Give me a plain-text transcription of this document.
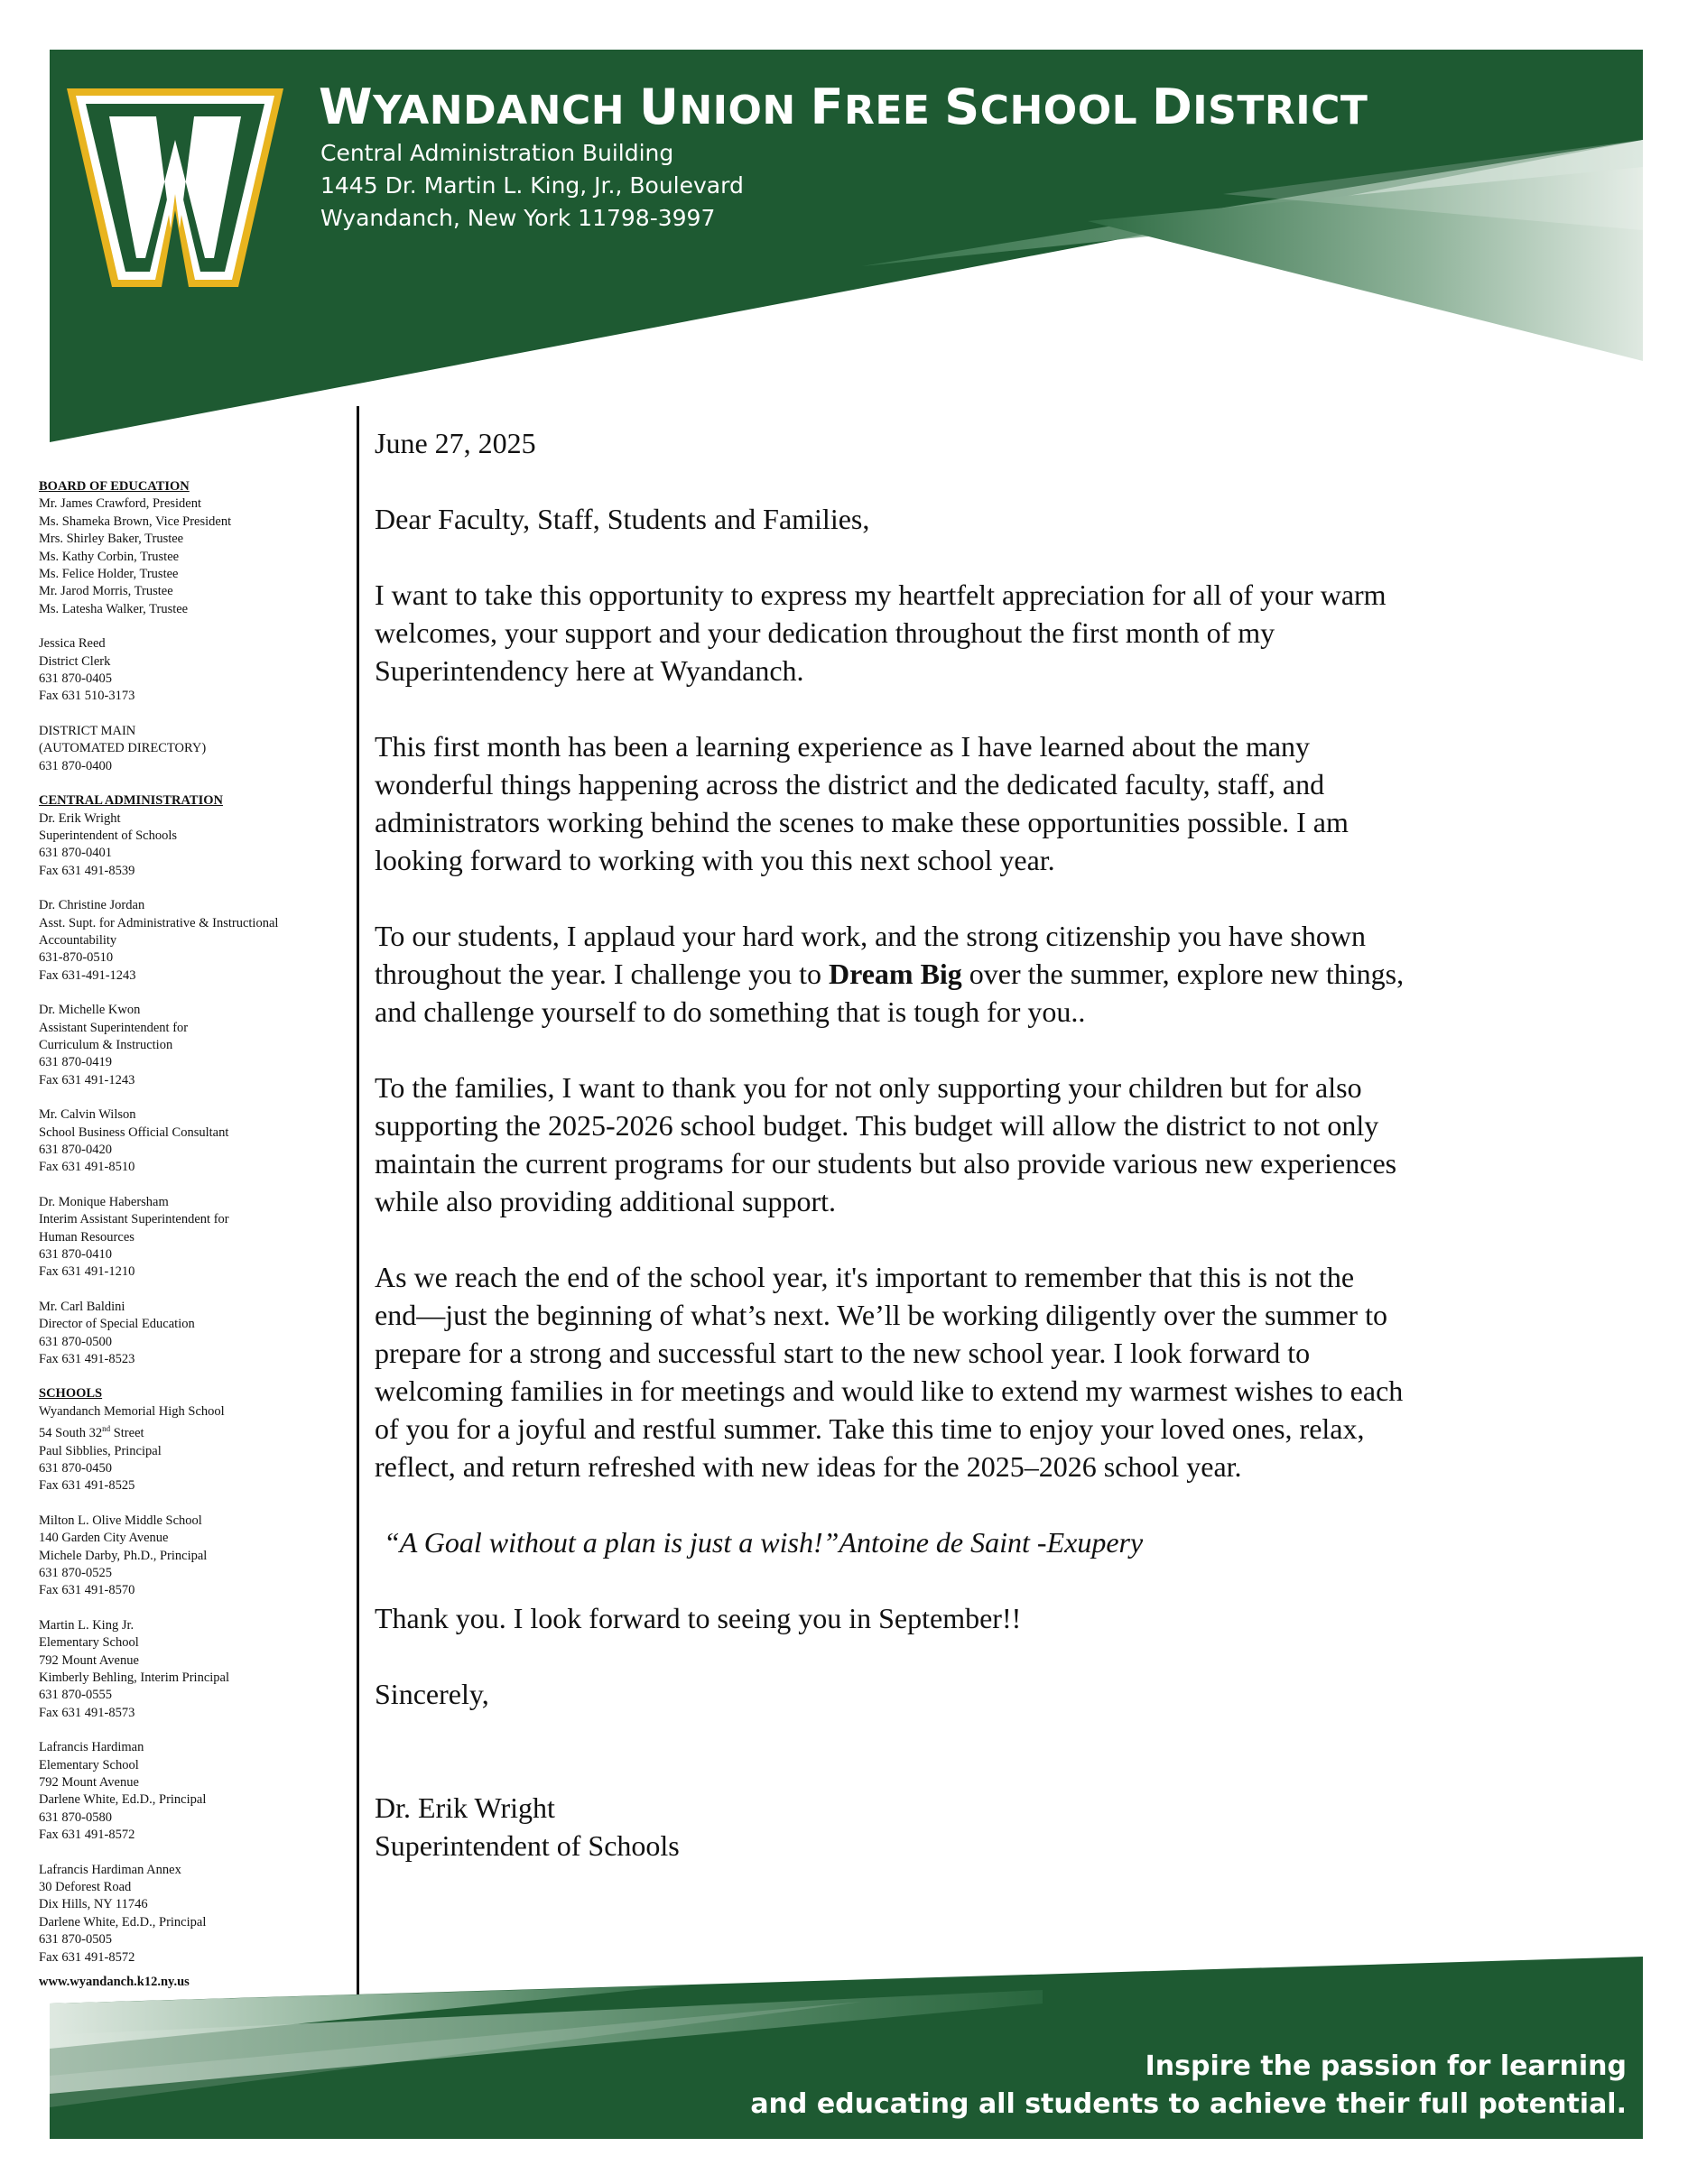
WYANDANCH UNION FREE SCHOOL DISTRICT
Central Administration Building
1445 Dr. Martin L. King, Jr., Boulevard
Wyandanch, New York 11798-3997
BOARD OF EDUCATION
Mr. James Crawford, President
Ms. Shameka Brown, Vice President
Mrs. Shirley Baker, Trustee
Ms. Kathy Corbin, Trustee
Ms. Felice Holder, Trustee
Mr. Jarod Morris, Trustee
Ms. Latesha Walker, Trustee
Jessica Reed
District Clerk
631 870-0405
Fax 631 510-3173
DISTRICT MAIN
(AUTOMATED DIRECTORY)
631 870-0400
CENTRAL ADMINISTRATION
Dr. Erik Wright
Superintendent of Schools
631 870-0401
Fax 631 491-8539
Dr. Christine Jordan
Asst. Supt. for Administrative & Instructional
Accountability
631-870-0510
Fax 631-491-1243
Dr. Michelle Kwon
Assistant Superintendent for
Curriculum & Instruction
631 870-0419
Fax 631 491-1243
Mr. Calvin Wilson
School Business Official Consultant
631 870-0420
Fax 631 491-8510
Dr. Monique Habersham
Interim Assistant Superintendent for
Human Resources
631 870-0410
Fax 631 491-1210
Mr. Carl Baldini
Director of Special Education
631 870-0500
Fax 631 491-8523
SCHOOLS
Wyandanch Memorial High School
54 South 32nd Street
Paul Sibblies, Principal
631 870-0450
Fax 631 491-8525
Milton L. Olive Middle School
140 Garden City Avenue
Michele Darby, Ph.D., Principal
631 870-0525
Fax 631 491-8570
Martin L. King Jr.
Elementary School
792 Mount Avenue
Kimberly Behling, Interim Principal
631 870-0555
Fax 631 491-8573
Lafrancis Hardiman
Elementary School
792 Mount Avenue
Darlene White, Ed.D., Principal
631 870-0580
Fax 631 491-8572
Lafrancis Hardiman Annex
30 Deforest Road
Dix Hills, NY 11746
Darlene White, Ed.D., Principal
631 870-0505
Fax 631 491-8572
www.wyandanch.k12.ny.us

June 27, 2025

Dear Faculty, Staff, Students and Families,

I want to take this opportunity to express my heartfelt appreciation for all of your warm
welcomes, your support and your dedication throughout the first month of my
Superintendency here at Wyandanch.
This first month has been a learning experience as I have learned about the many
wonderful things happening across the district and the dedicated faculty, staff, and
administrators working behind the scenes to make these opportunities possible. I am
looking forward to working with you this next school year.
To our students, I applaud your hard work, and the strong citizenship you have shown
throughout the year. I challenge you to Dream Big over the summer, explore new things,
and challenge yourself to do something that is tough for you..
To the families, I want to thank you for not only supporting your children but for also
supporting the 2025-2026 school budget. This budget will allow the district to not only
maintain the current programs for our students but also provide various new experiences
while also providing additional support.
As we reach the end of the school year, it's important to remember that this is not the
end—just the beginning of what’s next. We’ll be working diligently over the summer to
prepare for a strong and successful start to the new school year. I look forward to
welcoming families in for meetings and would like to extend my warmest wishes to each
of you for a joyful and restful summer. Take this time to enjoy your loved ones, relax,
reflect, and return refreshed with new ideas for the 2025–2026 school year.

“A Goal without a plan is just a wish!”Antoine de Saint -Exupery

Thank you. I look forward to seeing you in September!!

Sincerely,

Dr. Erik Wright

Superintendent of Schools

Inspire the passion for learning
and educating all students to achieve their full potential.
